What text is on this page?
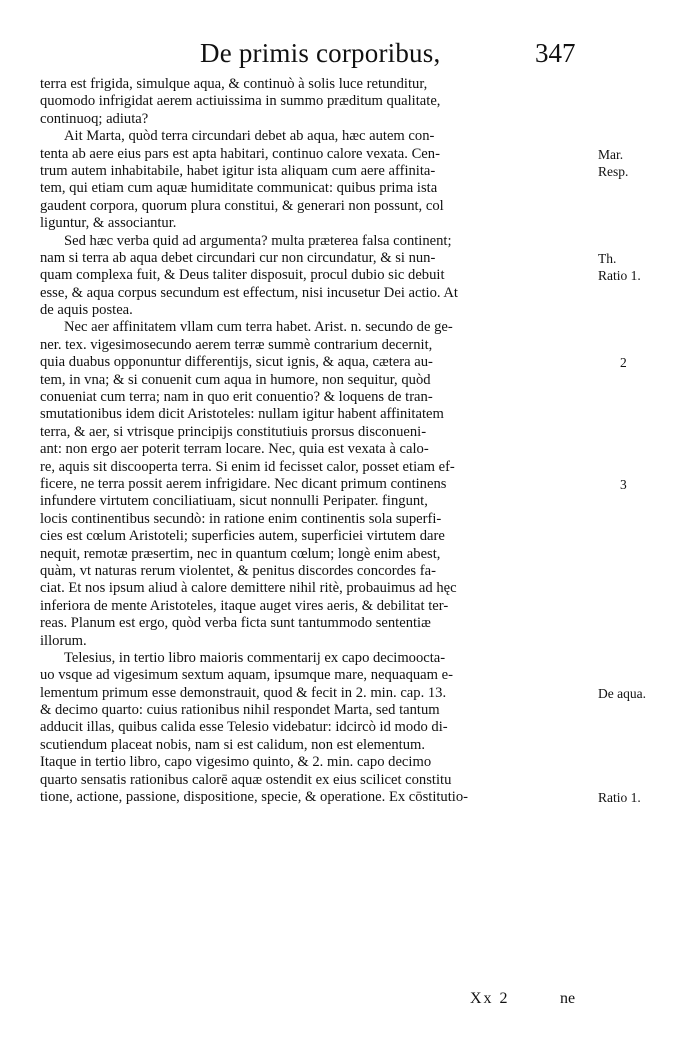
De primis corporibus,	347
terra est frigida, simulque aqua, & continuò à solis luce retunditur,
quomodo infrigidat aerem actiuissima in summo præditum qualitate,
continuoq; adiuta?
Ait Marta, quòd terra circundari debet ab aqua, hæc autem con-
tenta ab aere eius pars est apta habitari, continuo calore vexata. Cen-
trum autem inhabitabile, habet igitur ista aliquam cum aere affinita-
tem, qui etiam cum aquæ humiditate communicat: quibus prima ista
gaudent corpora, quorum plura constitui, & generari non possunt, col
liguntur, & associantur.
Sed hæc verba quid ad argumenta? multa præterea falsa continent;
nam si terra ab aqua debet circundari cur non circundatur, & si nun-
quam complexa fuit, & Deus taliter disposuit, procul dubio sic debuit
esse, & aqua corpus secundum est effectum, nisi incusetur Dei actio. At
de aquis postea.
Nec aer affinitatem vllam cum terra habet. Arist. n. secundo de ge-
ner. tex. vigesimosecundo aerem terræ summè contrarium decernit,
quia duabus opponuntur differentijs, sicut ignis, & aqua, cætera au-
tem, in vna; & si conuenit cum aqua in humore, non sequitur, quòd
conueniat cum terra; nam in quo erit conuentio? & loquens de tran-
smutationibus idem dicit Aristoteles: nullam igitur habent affinitatem
terra, & aer, si vtrisque principijs constitutiuis prorsus disconueni-
ant: non ergo aer poterit terram locare. Nec, quia est vexata à calo-
re, aquis sit discooperta terra. Si enim id fecisset calor, posset etiam ef-
ficere, ne terra possit aerem infrigidare. Nec dicant primum continens
infundere virtutem conciliatiuam, sicut nonnulli Peripater. fingunt,
locis continentibus secundò: in ratione enim continentis sola superfi-
cies est cœlum Aristoteli; superficies autem, superficiei virtutem dare
nequit, remotæ præsertim, nec in quantum cœlum; longè enim abest,
quàm, vt naturas rerum violentet, & penitus discordes concordes fa-
ciat. Et nos ipsum aliud à calore demittere nihil ritè, probauimus ad hęc
inferiora de mente Aristoteles, itaque auget vires aeris, & debilitat ter-
reas. Planum est ergo, quòd verba ficta sunt tantummodo sententiæ
illorum.
Telesius, in tertio libro maioris commentarij ex capo decimooctа-
uo vsque ad vigesimum sextum aquam, ipsumque mare, nequaquam e-
lementum primum esse demonstrauit, quod & fecit in 2. min. cap. 13.
& decimo quarto: cuius rationibus nihil respondet Marta, sed tantum
adducit illas, quibus calida esse Telesio videbatur: idcircò id modo di-
scutiendum placeat nobis, nam si est calidum, non est elementum.
Itaque in tertio libro, capo vigesimo quinto, & 2. min. capo decimo
quarto sensatis rationibus calorē aquæ ostendit ex eius scilicet constitu
tione, actione, passione, dispositione, specie, & operatione. Ex cōstitutio-
Mar.
Resp.
Th.
Ratio 1.
2
3
De aqua.
Ratio 1.
Xx 2	ne
